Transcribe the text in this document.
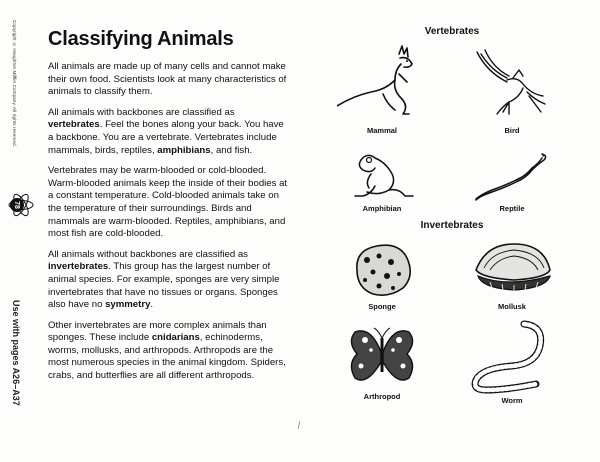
Copyright © Houghton Mifflin Company. All rights reserved.
78
Use with pages A26–A37
Classifying Animals

All animals are made up of many cells and cannot make their own food. Scientists look at many characteristics of animals to classify them.

All animals with backbones are classified as vertebrates. Feel the bones along your back. You have a backbone. You are a vertebrate. Vertebrates include mammals, birds, reptiles, amphibians, and fish.

Vertebrates may be warm-blooded or cold-blooded. Warm-blooded animals keep the inside of their bodies at a constant temperature. Cold-blooded animals take on the temperature of their surroundings. Birds and mammals are warm-blooded. Reptiles, amphibians, and most fish are cold-blooded.

All animals without backbones are classified as invertebrates. This group has the largest number of animal species. For example, sponges are very simple invertebrates that have no tissues or organs. Sponges also have no symmetry.

Other invertebrates are more complex animals than sponges. These include cnidarians, echinoderms, worms, mollusks, and arthropods. Arthropods are the most numerous species in the animal kingdom. Spiders, crabs, and butterflies are all different arthropods.

Vertebrates
Mammal	Bird
Amphibian	Reptile
Invertebrates
Sponge	Mollusk
Arthropod	Worm
